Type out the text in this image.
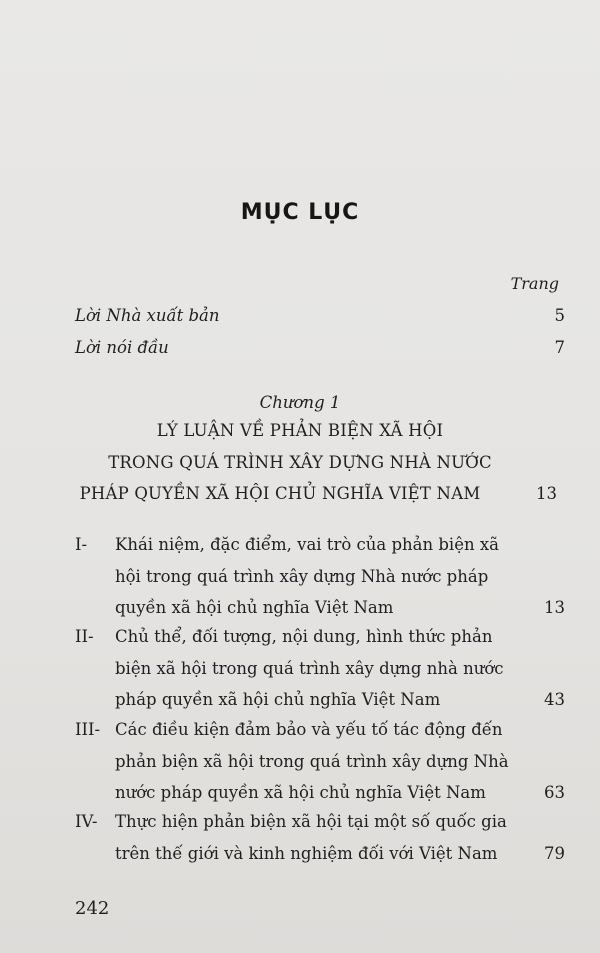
MỤC LỤC
Trang
Lời Nhà xuất bản	5
Lời nói đầu	7
Chương 1
LÝ LUẬN VỀ PHẢN BIỆN XÃ HỘI
TRONG QUÁ TRÌNH XÂY DỰNG NHÀ NƯỚC
PHÁP QUYỀN XÃ HỘI CHỦ NGHĨA VIỆT NAM	13
I- Khái niệm, đặc điểm, vai trò của phản biện xã
hội trong quá trình xây dựng Nhà nước pháp
quyền xã hội chủ nghĩa Việt Nam	13
II- Chủ thể, đối tượng, nội dung, hình thức phản
biện xã hội trong quá trình xây dựng nhà nước
pháp quyền xã hội chủ nghĩa Việt Nam	43
III- Các điều kiện đảm bảo và yếu tố tác động đến
phản biện xã hội trong quá trình xây dựng Nhà
nước pháp quyền xã hội chủ nghĩa Việt Nam	63
IV- Thực hiện phản biện xã hội tại một số quốc gia
trên thế giới và kinh nghiệm đối với Việt Nam	79
242
